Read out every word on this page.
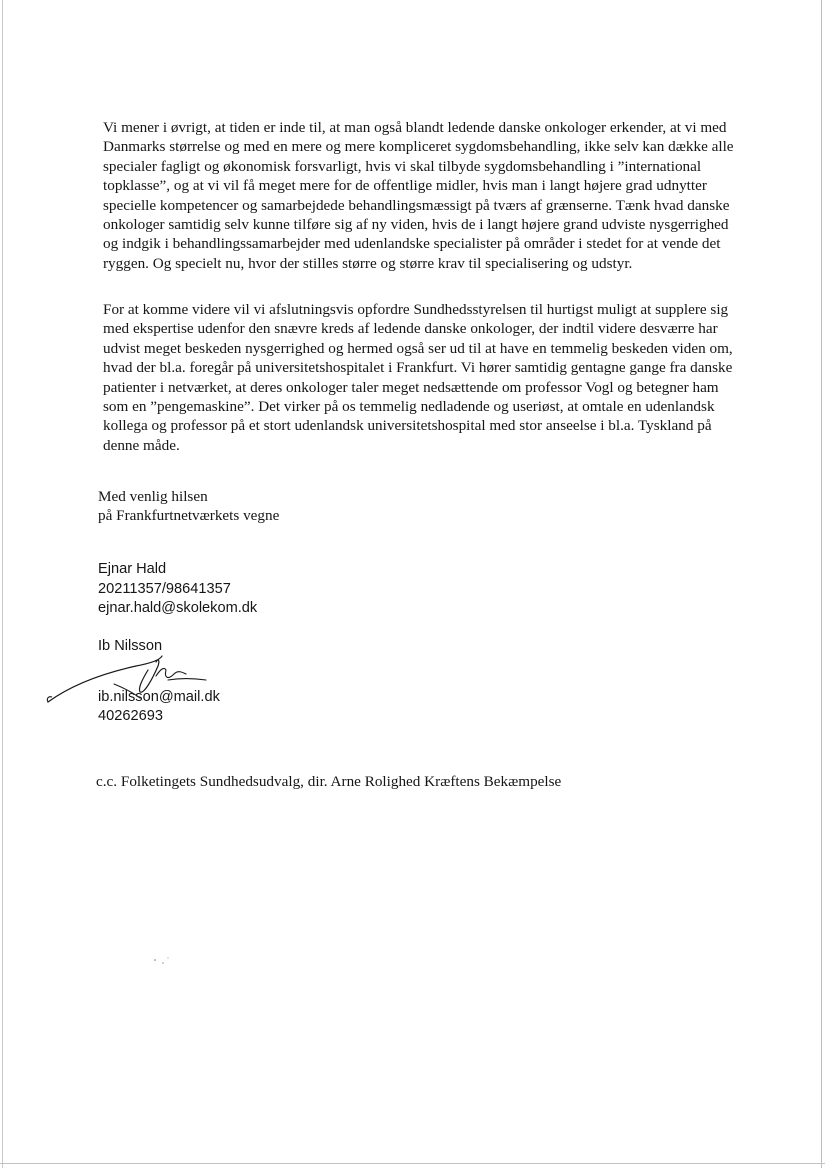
Vi mener i øvrigt, at tiden er inde til, at man også blandt ledende danske onkologer erkender, at vi med Danmarks størrelse og med en mere og mere kompliceret sygdomsbehandling, ikke selv kan dække alle specialer fagligt og økonomisk forsvarligt, hvis vi skal tilbyde sygdomsbehandling i ”international topklasse”, og at vi vil få meget mere for de offentlige midler, hvis man i langt højere grad udnytter specielle kompetencer og samarbejdede behandlingsmæssigt på tværs af grænserne. Tænk hvad danske onkologer samtidig selv kunne tilføre sig af ny viden, hvis de i langt højere grand udviste nysgerrighed og indgik i behandlingssamarbejder med udenlandske specialister på områder i stedet for at vende det ryggen. Og specielt nu, hvor der stilles større og større krav til specialisering og udstyr.

For at komme videre vil vi afslutningsvis opfordre Sundhedsstyrelsen til hurtigst muligt at supplere sig med ekspertise udenfor den snævre kreds af ledende danske onkologer, der indtil videre desværre har udvist meget beskeden nysgerrighed og hermed også ser ud til at have en temmelig beskeden viden om, hvad der bl.a. foregår på universitetshospitalet i Frankfurt. Vi hører samtidig gentagne gange fra danske patienter i netværket, at deres onkologer taler meget nedsættende om professor Vogl og betegner ham som en ”pengemaskine”. Det virker på os temmelig nedladende og useriøst, at omtale en udenlandsk kollega og professor på et stort udenlandsk universitetshospital med stor anseelse i bl.a. Tyskland på denne måde.

Med venlig hilsen
på Frankfurtnetværkets vegne
Ejnar Hald
20211357/98641357
ejnar.hald@skolekom.dk
Ib Nilsson
ib.nilsson@mail.dk
40262693
c.c. Folketingets Sundhedsudvalg, dir. Arne Rolighed Kræftens Bekæmpelse
